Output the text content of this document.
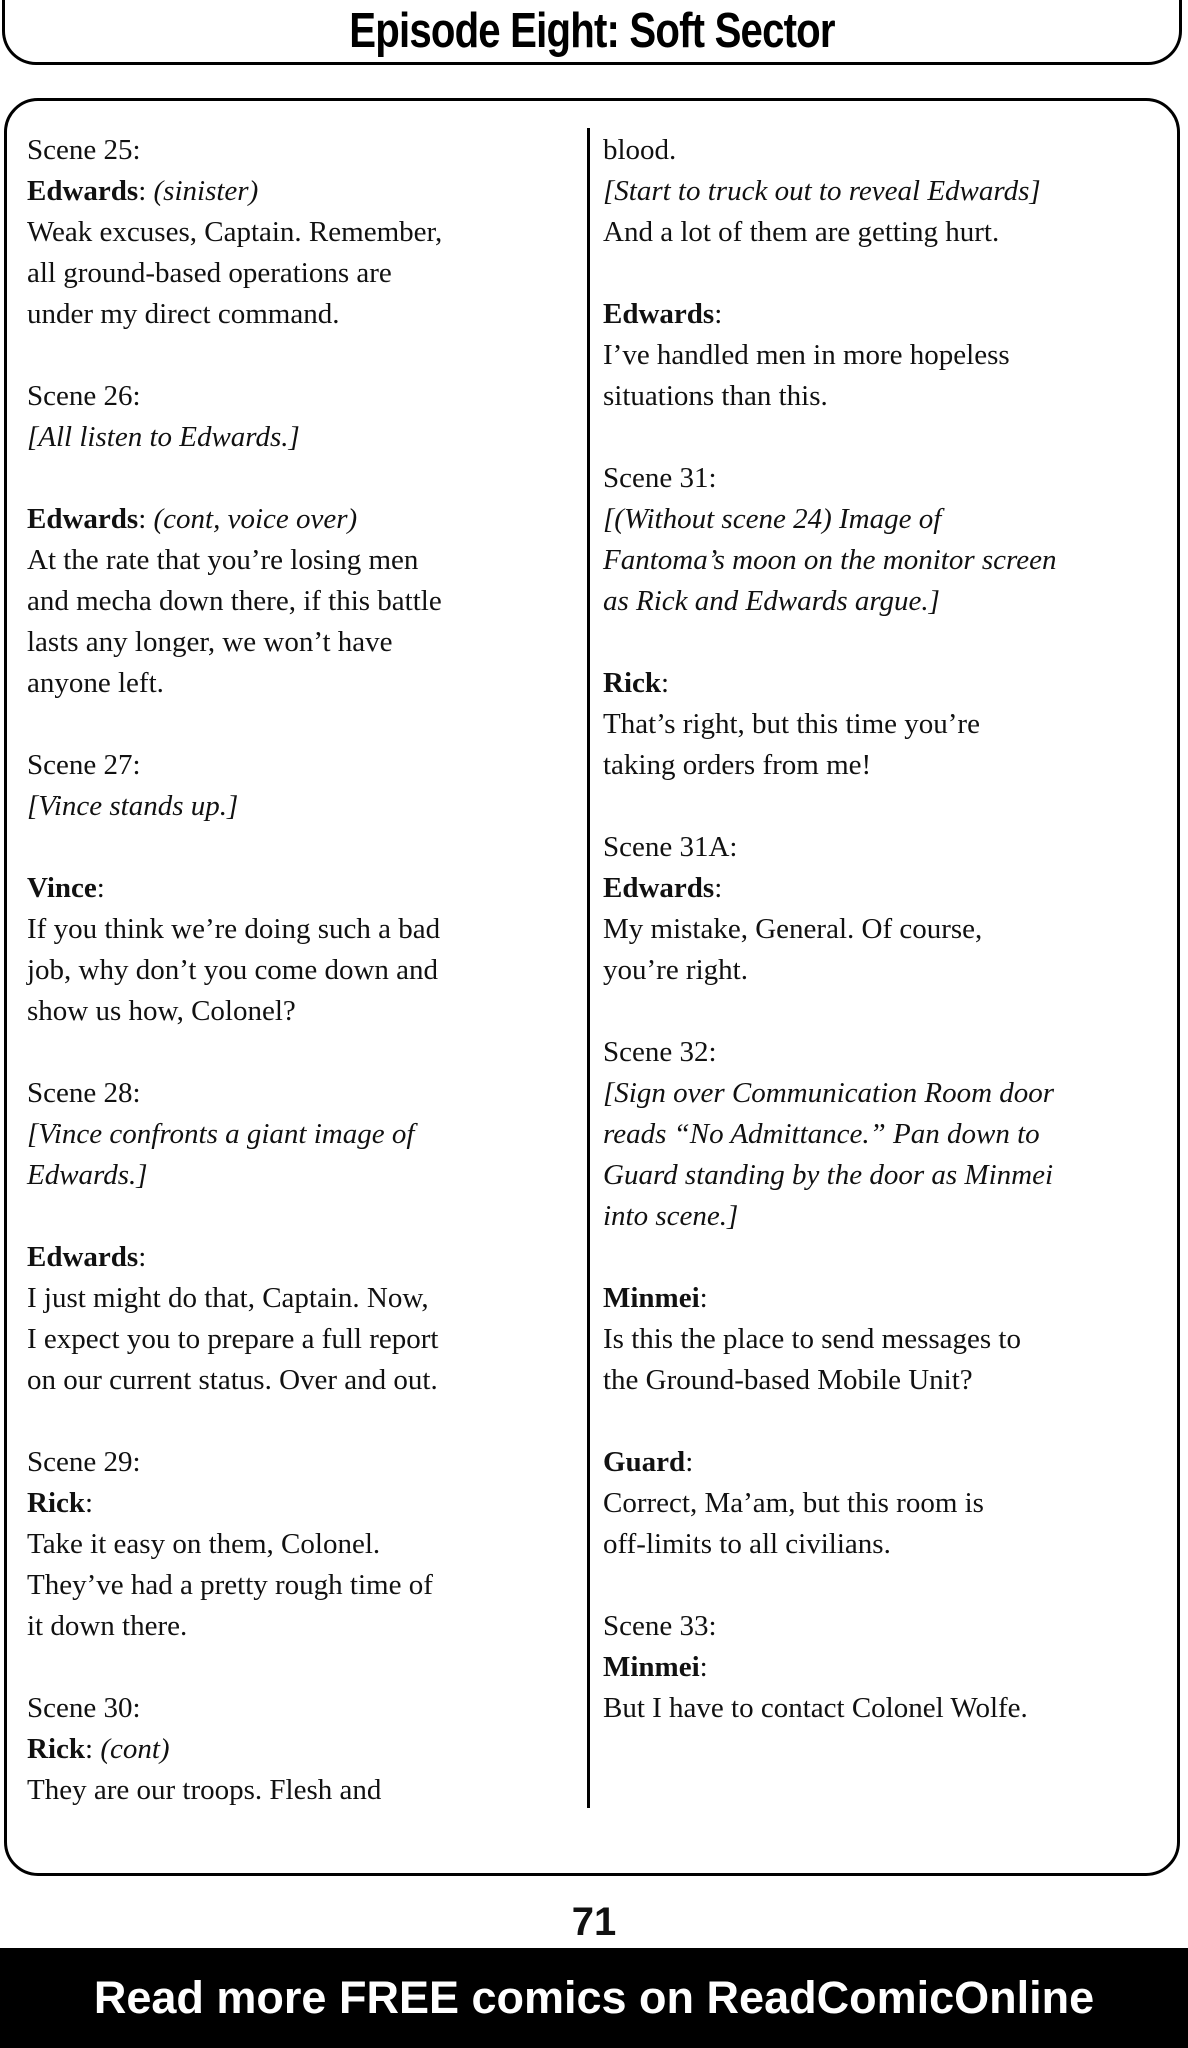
Episode Eight: Soft Sector
Scene 25:
Edwards: (sinister)
Weak excuses, Captain. Remember,
all ground-based operations are
under my direct command.
Scene 26:
[All listen to Edwards.]
Edwards: (cont, voice over)
At the rate that you’re losing men
and mecha down there, if this battle
lasts any longer, we won’t have
anyone left.
Scene 27:
[Vince stands up.]
Vince:
If you think we’re doing such a bad
job, why don’t you come down and
show us how, Colonel?
Scene 28:
[Vince confronts a giant image of
Edwards.]
Edwards:
I just might do that, Captain. Now,
I expect you to prepare a full report
on our current status. Over and out.
Scene 29:
Rick:
Take it easy on them, Colonel.
They’ve had a pretty rough time of
it down there.
Scene 30:
Rick: (cont)
They are our troops. Flesh and
blood.
[Start to truck out to reveal Edwards]
And a lot of them are getting hurt.
Edwards:
I’ve handled men in more hopeless
situations than this.
Scene 31:
[(Without scene 24) Image of
Fantoma’s moon on the monitor screen
as Rick and Edwards argue.]
Rick:
That’s right, but this time you’re
taking orders from me!
Scene 31A:
Edwards:
My mistake, General. Of course,
you’re right.
Scene 32:
[Sign over Communication Room door
reads “No Admittance.” Pan down to
Guard standing by the door as Minmei
into scene.]
Minmei:
Is this the place to send messages to
the Ground-based Mobile Unit?
Guard:
Correct, Ma’am, but this room is
off-limits to all civilians.
Scene 33:
Minmei:
But I have to contact Colonel Wolfe.
71
Read more FREE comics on ReadComicOnline
